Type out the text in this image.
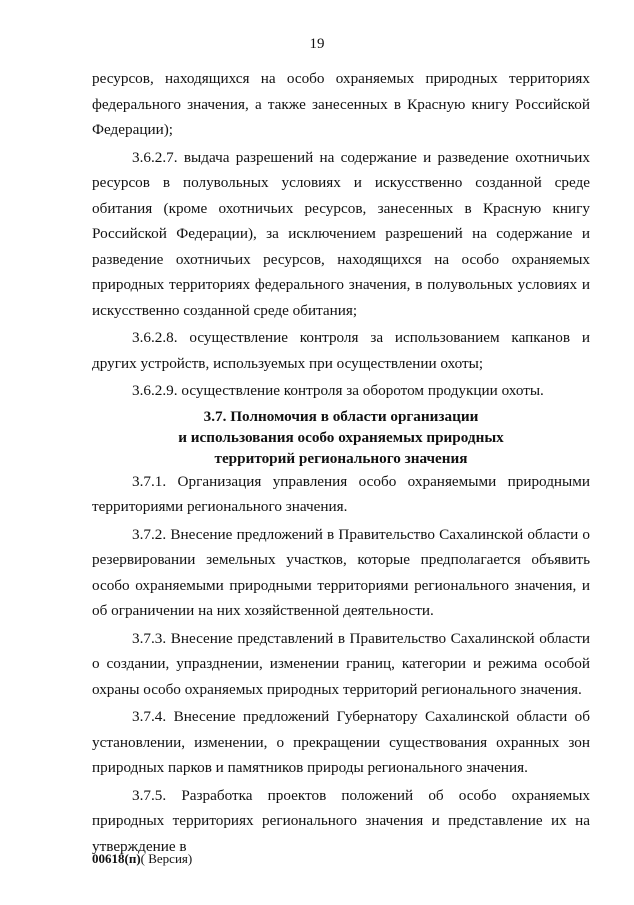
19

ресурсов, находящихся на особо охраняемых природных территориях федерального значения, а также занесенных в Красную книгу Российской Федерации);

3.6.2.7. выдача разрешений на содержание и разведение охотничьих ресурсов в полувольных условиях и искусственно созданной среде обитания (кроме охотничьих ресурсов, занесенных в Красную книгу Российской Федерации), за исключением разрешений на содержание и разведение охотничьих ресурсов, находящихся на особо охраняемых природных территориях федерального значения, в полувольных условиях и искусственно созданной среде обитания;

3.6.2.8. осуществление контроля за использованием капканов и других устройств, используемых при осуществлении охоты;

3.6.2.9. осуществление контроля за оборотом продукции охоты.

3.7. Полномочия в области организации
и использования особо охраняемых природных
территорий регионального значения

3.7.1. Организация управления особо охраняемыми природными территориями регионального значения.

3.7.2. Внесение предложений в Правительство Сахалинской области о резервировании земельных участков, которые предполагается объявить особо охраняемыми природными территориями регионального значения, и об ограничении на них хозяйственной деятельности.

3.7.3. Внесение представлений в Правительство Сахалинской области о создании, упразднении, изменении границ, категории и режима особой охраны особо охраняемых природных территорий регионального значения.

3.7.4. Внесение предложений Губернатору Сахалинской области об установлении, изменении, о прекращении существования охранных зон природных парков и памятников природы регионального значения.

3.7.5. Разработка проектов положений об особо охраняемых природных территориях регионального значения и представление их на утверждение в

00618(п)( Версия)
